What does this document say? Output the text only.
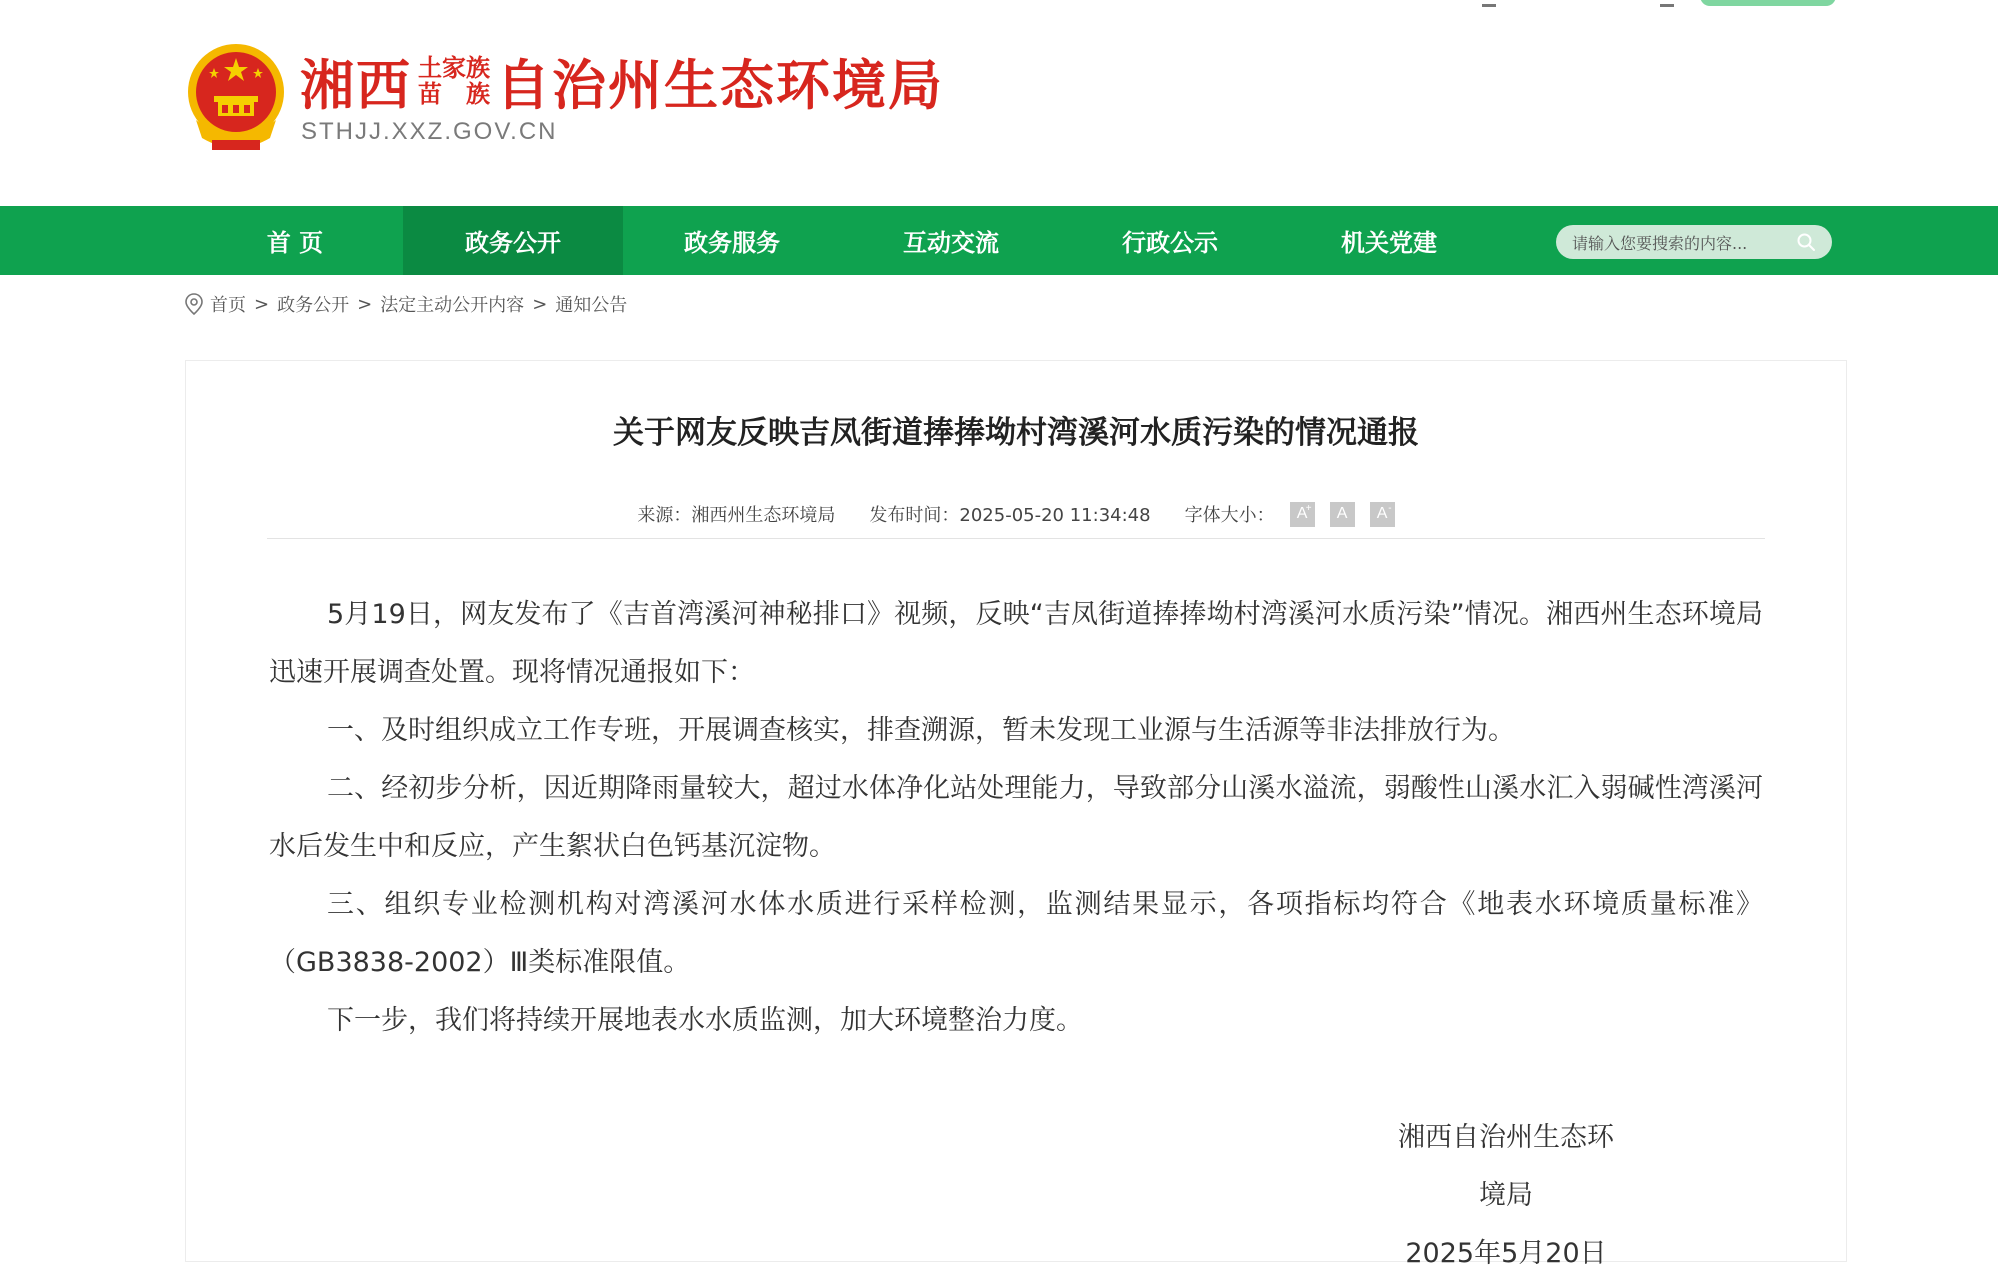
湘西 土家族
苗　族 自治州生态环境局
STHJJ.XXZ.GOV.CN
首 页	政务公开	政务服务	互动交流	行政公示	机关党建
请输入您要搜索的内容...
首页 > 政务公开 > 法定主动公开内容 > 通知公告
关于网友反映吉凤街道捧捧坳村湾溪河水质污染的情况通报
来源：湘西州生态环境局 发布时间：2025-05-20 11:34:48 字体大小：	A
+	A	A -

5月19日，网友发布了《吉首湾溪河神秘排口》视频，反映“吉凤街道捧捧坳村湾溪河水质污染”情况。湘西州生态环境局迅速开展调查处置。现将情况通报如下：

一、及时组织成立工作专班，开展调查核实，排查溯源，暂未发现工业源与生活源等非法排放行为。

二、经初步分析，因近期降雨量较大，超过水体净化站处理能力，导致部分山溪水溢流，弱酸性山溪水汇入弱碱性湾溪河水后发生中和反应，产生絮状白色钙基沉淀物。

三、组织专业检测机构对湾溪河水体水质进行采样检测，监测结果显示，各项指标均符合《地表水环境质量标准》（GB3838-2002）Ⅲ类标准限值。

下一步，我们将持续开展地表水水质监测，加大环境整治力度。

湘西自治州生态环境局
2025年5月20日
